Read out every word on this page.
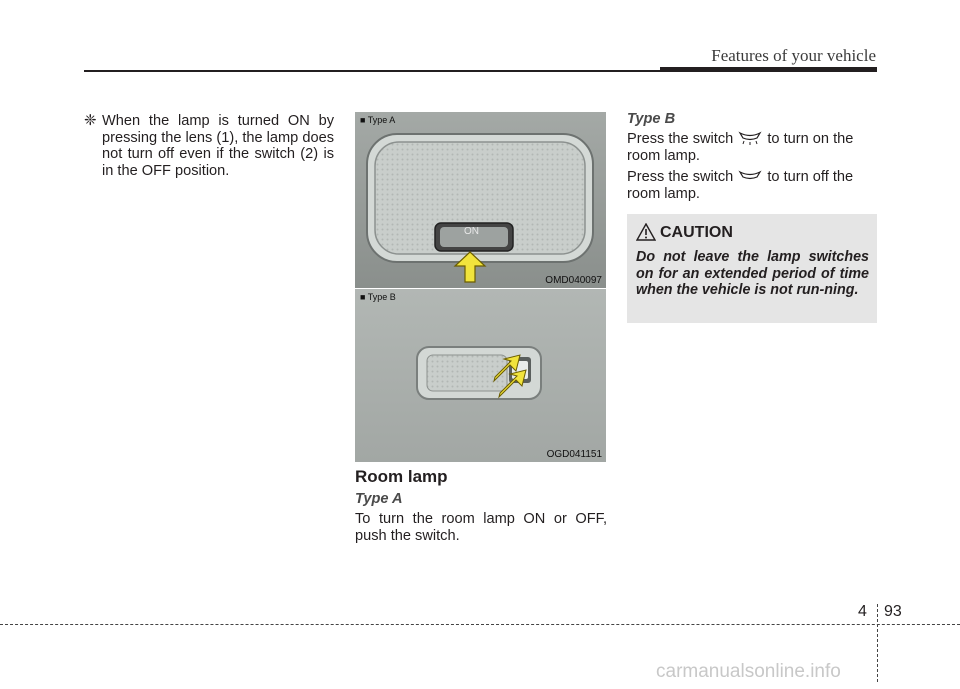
Features of your vehicle
❈ When the lamp is turned ON by pressing the lens (1), the lamp does not turn off even if the switch (2) is in the OFF position.
■ Type A
ON
OMD040097
■ Type B
OGD041151
Room lamp
Type A
To turn the room lamp ON or OFF, push the switch.
Type B
Press the switch  to turn on the room lamp.
Press the switch  to turn off the room lamp.
CAUTION
Do not leave the lamp switches on for an extended period of time when the vehicle is not run-ning.
4 93
carmanualsonline.info
